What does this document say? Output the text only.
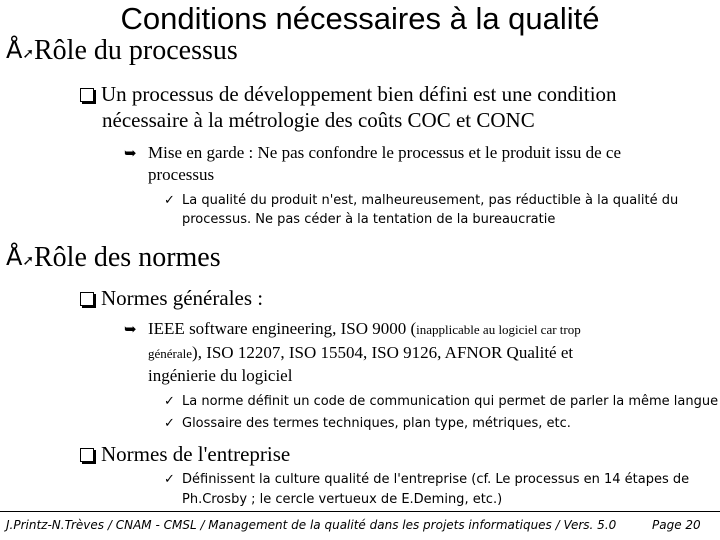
Conditions nécessaires à la qualité
Å➚Rôle du processus
Un processus de développement bien défini est une condition
nécessaire à la métrologie des coûts COC et CONC
➥ Mise en garde : Ne pas confondre le processus et le produit issu de ce
processus
✓ La qualité du produit n'est, malheureusement, pas réductible à la qualité du
processus. Ne pas céder à la tentation de la bureaucratie
Å➚Rôle des normes
Normes générales :
➥ IEEE software engineering, ISO 9000 (inapplicable au logiciel car trop
générale), ISO 12207, ISO 15504, ISO 9126, AFNOR Qualité et
ingénierie du logiciel
✓ La norme définit un code de communication qui permet de parler la même langue
✓ Glossaire des termes techniques, plan type, métriques, etc.
Normes de l'entreprise
✓ Définissent la culture qualité de l'entreprise (cf. Le processus en 14 étapes de
Ph.Crosby ; le cercle vertueux de E.Deming, etc.)
J.Printz-N.Trèves / CNAM - CMSL / Management de la qualité dans les projets informatiques / Vers. 5.0	Page 20
